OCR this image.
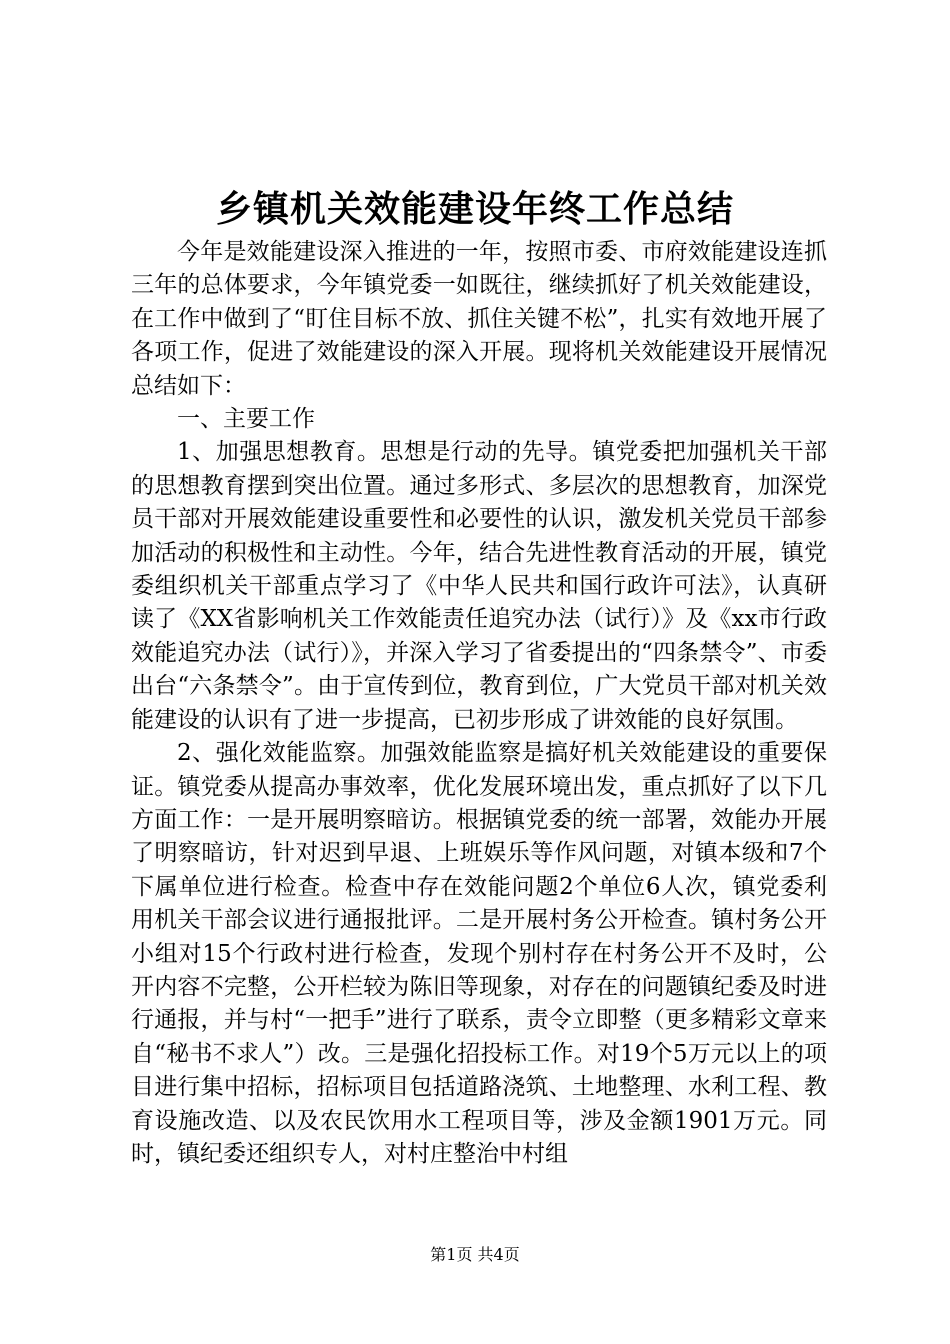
乡镇机关效能建设年终工作总结

今年是效能建设深入推进的一年，按照市委、市府效能建设连抓三年的总体要求，今年镇党委一如既往，继续抓好了机关效能建设，在工作中做到了“盯住目标不放、抓住关键不松”，扎实有效地开展了各项工作，促进了效能建设的深入开展。现将机关效能建设开展情况总结如下：

一、主要工作

1、加强思想教育。思想是行动的先导。镇党委把加强机关干部的思想教育摆到突出位置。通过多形式、多层次的思想教育，加深党员干部对开展效能建设重要性和必要性的认识，激发机关党员干部参加活动的积极性和主动性。今年，结合先进性教育活动的开展，镇党委组织机关干部重点学习了《中华人民共和国行政许可法》，认真研读了《XX省影响机关工作效能责任追究办法（试行）》及《xx市行政效能追究办法（试行）》，并深入学习了省委提出的“四条禁令”、市委出台“六条禁令”。由于宣传到位，教育到位，广大党员干部对机关效能建设的认识有了进一步提高，已初步形成了讲效能的良好氛围。

2、强化效能监察。加强效能监察是搞好机关效能建设的重要保证。镇党委从提高办事效率，优化发展环境出发，重点抓好了以下几方面工作：一是开展明察暗访。根据镇党委的统一部署，效能办开展了明察暗访，针对迟到早退、上班娱乐等作风问题，对镇本级和7个下属单位进行检查。检查中存在效能问题2个单位6人次，镇党委利用机关干部会议进行通报批评。二是开展村务公开检查。镇村务公开小组对15个行政村进行检查，发现个别村存在村务公开不及时，公开内容不完整，公开栏较为陈旧等现象，对存在的问题镇纪委及时进行通报，并与村“一把手”进行了联系，责令立即整（更多精彩文章来自“秘书不求人”）改。三是强化招投标工作。对19个5万元以上的项目进行集中招标，招标项目包括道路浇筑、土地整理、水利工程、教育设施改造、以及农民饮用水工程项目等，涉及金额1901万元。同时，镇纪委还组织专人，对村庄整治中村组

第1页 共4页
